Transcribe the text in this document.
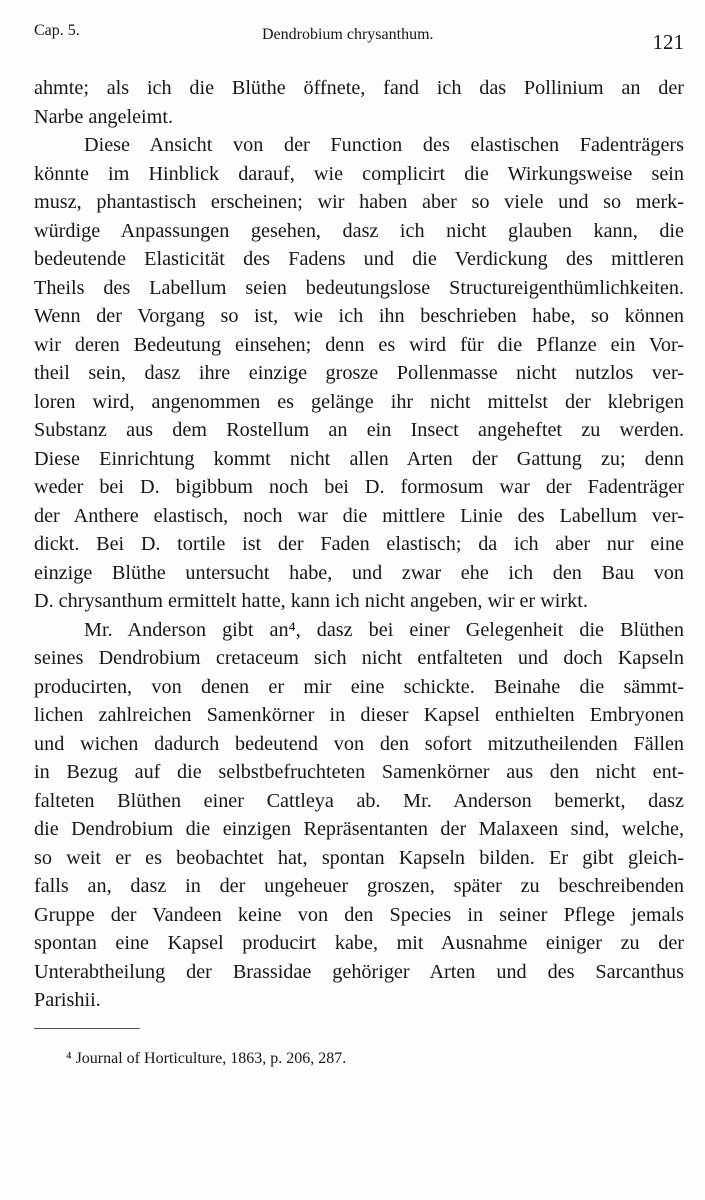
Cap. 5.	Dendrobium chrysanthum.	121
ahmte; als ich die Blüthe öffnete, fand ich das Pollinium an der
Narbe angeleimt.
Diese Ansicht von der Function des elastischen Fadenträgers
könnte im Hinblick darauf, wie complicirt die Wirkungsweise sein
musz, phantastisch erscheinen; wir haben aber so viele und so merk-
würdige Anpassungen gesehen, dasz ich nicht glauben kann, die
bedeutende Elasticität des Fadens und die Verdickung des mittleren
Theils des Labellum seien bedeutungslose Structureigenthümlichkeiten.
Wenn der Vorgang so ist, wie ich ihn beschrieben habe, so können
wir deren Bedeutung einsehen; denn es wird für die Pflanze ein Vor-
theil sein, dasz ihre einzige grosze Pollenmasse nicht nutzlos ver-
loren wird, angenommen es gelänge ihr nicht mittelst der klebrigen
Substanz aus dem Rostellum an ein Insect angeheftet zu werden.
Diese Einrichtung kommt nicht allen Arten der Gattung zu; denn
weder bei D. bigibbum noch bei D. formosum war der Fadenträger
der Anthere elastisch, noch war die mittlere Linie des Labellum ver-
dickt. Bei D. tortile ist der Faden elastisch; da ich aber nur eine
einzige Blüthe untersucht habe, und zwar ehe ich den Bau von
D. chrysanthum ermittelt hatte, kann ich nicht angeben, wir er wirkt.
Mr. Anderson gibt an⁴, dasz bei einer Gelegenheit die Blüthen
seines Dendrobium cretaceum sich nicht entfalteten und doch Kapseln
producirten, von denen er mir eine schickte. Beinahe die sämmt-
lichen zahlreichen Samenkörner in dieser Kapsel enthielten Embryonen
und wichen dadurch bedeutend von den sofort mitzutheilenden Fällen
in Bezug auf die selbstbefruchteten Samenkörner aus den nicht ent-
falteten Blüthen einer Cattleya ab. Mr. Anderson bemerkt, dasz
die Dendrobium die einzigen Repräsentanten der Malaxeen sind, welche,
so weit er es beobachtet hat, spontan Kapseln bilden. Er gibt gleich-
falls an, dasz in der ungeheuer groszen, später zu beschreibenden
Gruppe der Vandeen keine von den Species in seiner Pflege jemals
spontan eine Kapsel producirt kabe, mit Ausnahme einiger zu der
Unterabtheilung der Brassidae gehöriger Arten und des Sarcanthus
Parishii.
⁴ Journal of Horticulture, 1863, p. 206, 287.
